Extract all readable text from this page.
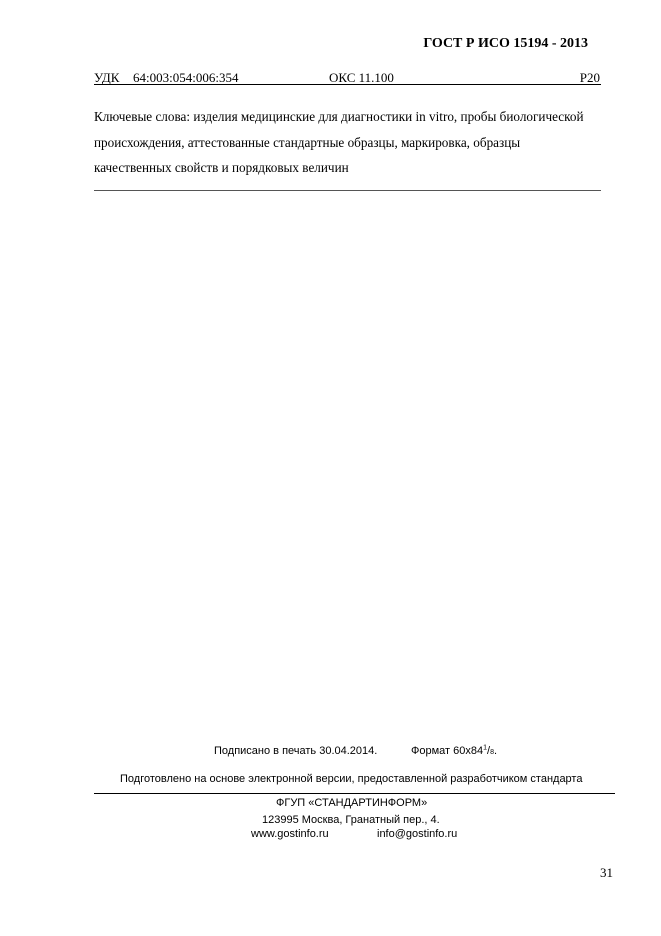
ГОСТ Р ИСО 15194 - 2013
УДК 64:003:054:006:354	ОКС 11.100	Р20
Ключевые слова: изделия медицинские для диагностики in vitro, пробы биологической
происхождения, аттестованные стандартные образцы, маркировка, образцы
качественных свойств и порядковых величин
Подписано в печать 30.04.2014.	Формат $60x84^1/8$.
Подготовлено на основе электронной версии, предоставленной разработчиком стандарта
ФГУП «СТАНДАРТИНФОРМ»
123995 Москва, Гранатный пер., 4.
www.gostinfo.ru	info@gostinfo.ru
31
